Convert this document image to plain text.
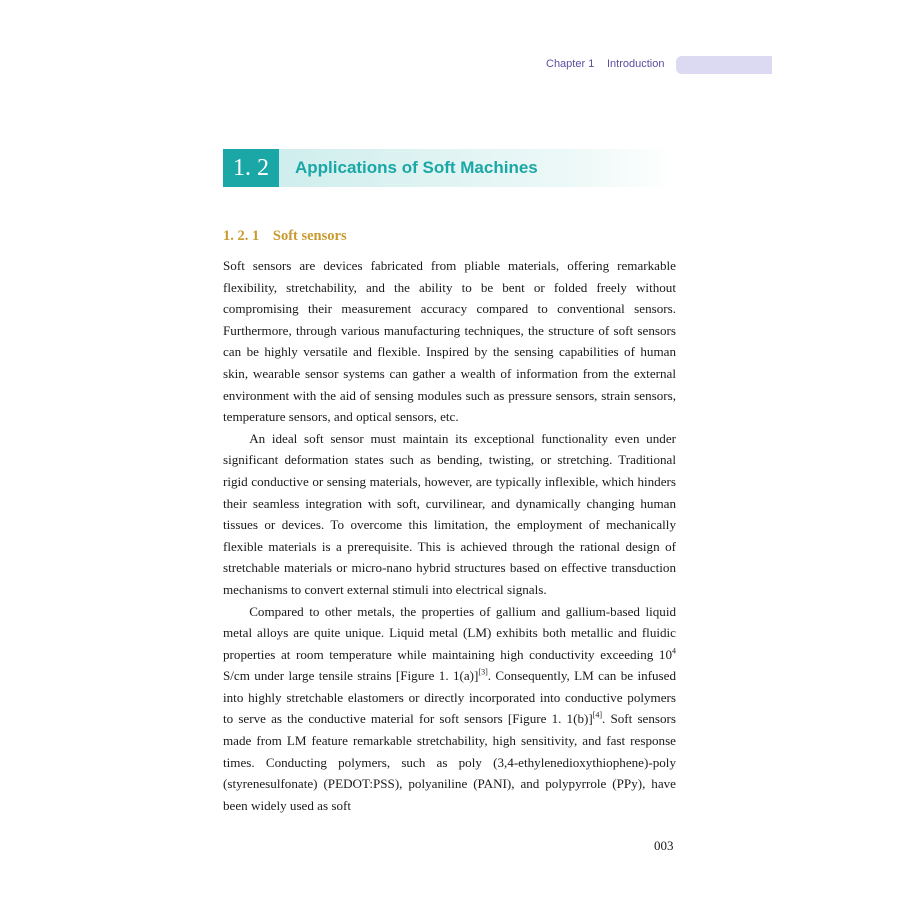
Chapter 1 Introduction
1. 2	Applications of Soft Machines
1. 2. 1 Soft sensors

Soft sensors are devices fabricated from pliable materials, offering remarkable flexibility, stretchability, and the ability to be bent or folded freely without compromising their measurement accuracy compared to conventional sensors. Furthermore, through various manufacturing techniques, the structure of soft sensors can be highly versatile and flexible. Inspired by the sensing capabilities of human skin, wearable sensor systems can gather a wealth of information from the external environment with the aid of sensing modules such as pressure sensors, strain sensors, temperature sensors, and optical sensors, etc.

An ideal soft sensor must maintain its exceptional functionality even under significant deformation states such as bending, twisting, or stretching. Traditional rigid conductive or sensing materials, however, are typically inflexible, which hinders their seamless integration with soft, curvilinear, and dynamically changing human tissues or devices. To overcome this limitation, the employment of mechanically flexible materials is a prerequisite. This is achieved through the rational design of stretchable materials or micro-nano hybrid structures based on effective transduction mechanisms to convert external stimuli into electrical signals.

Compared to other metals, the properties of gallium and gallium-based liquid metal alloys are quite unique. Liquid metal (LM) exhibits both metallic and fluidic properties at room temperature while maintaining high conductivity exceeding $10^4$ S/cm under large tensile strains [Figure 1. 1(a)][3]. Consequently, LM can be infused into highly stretchable elastomers or directly incorporated into conductive polymers to serve as the conductive material for soft sensors [Figure 1. 1(b)][4]. Soft sensors made from LM feature remarkable stretchability, high sensitivity, and fast response times. Conducting polymers, such as poly (3,4-ethylenedioxythiophene)-poly (styrenesulfonate) (PEDOT:PSS), polyaniline (PANI), and polypyrrole (PPy), have been widely used as soft

003
